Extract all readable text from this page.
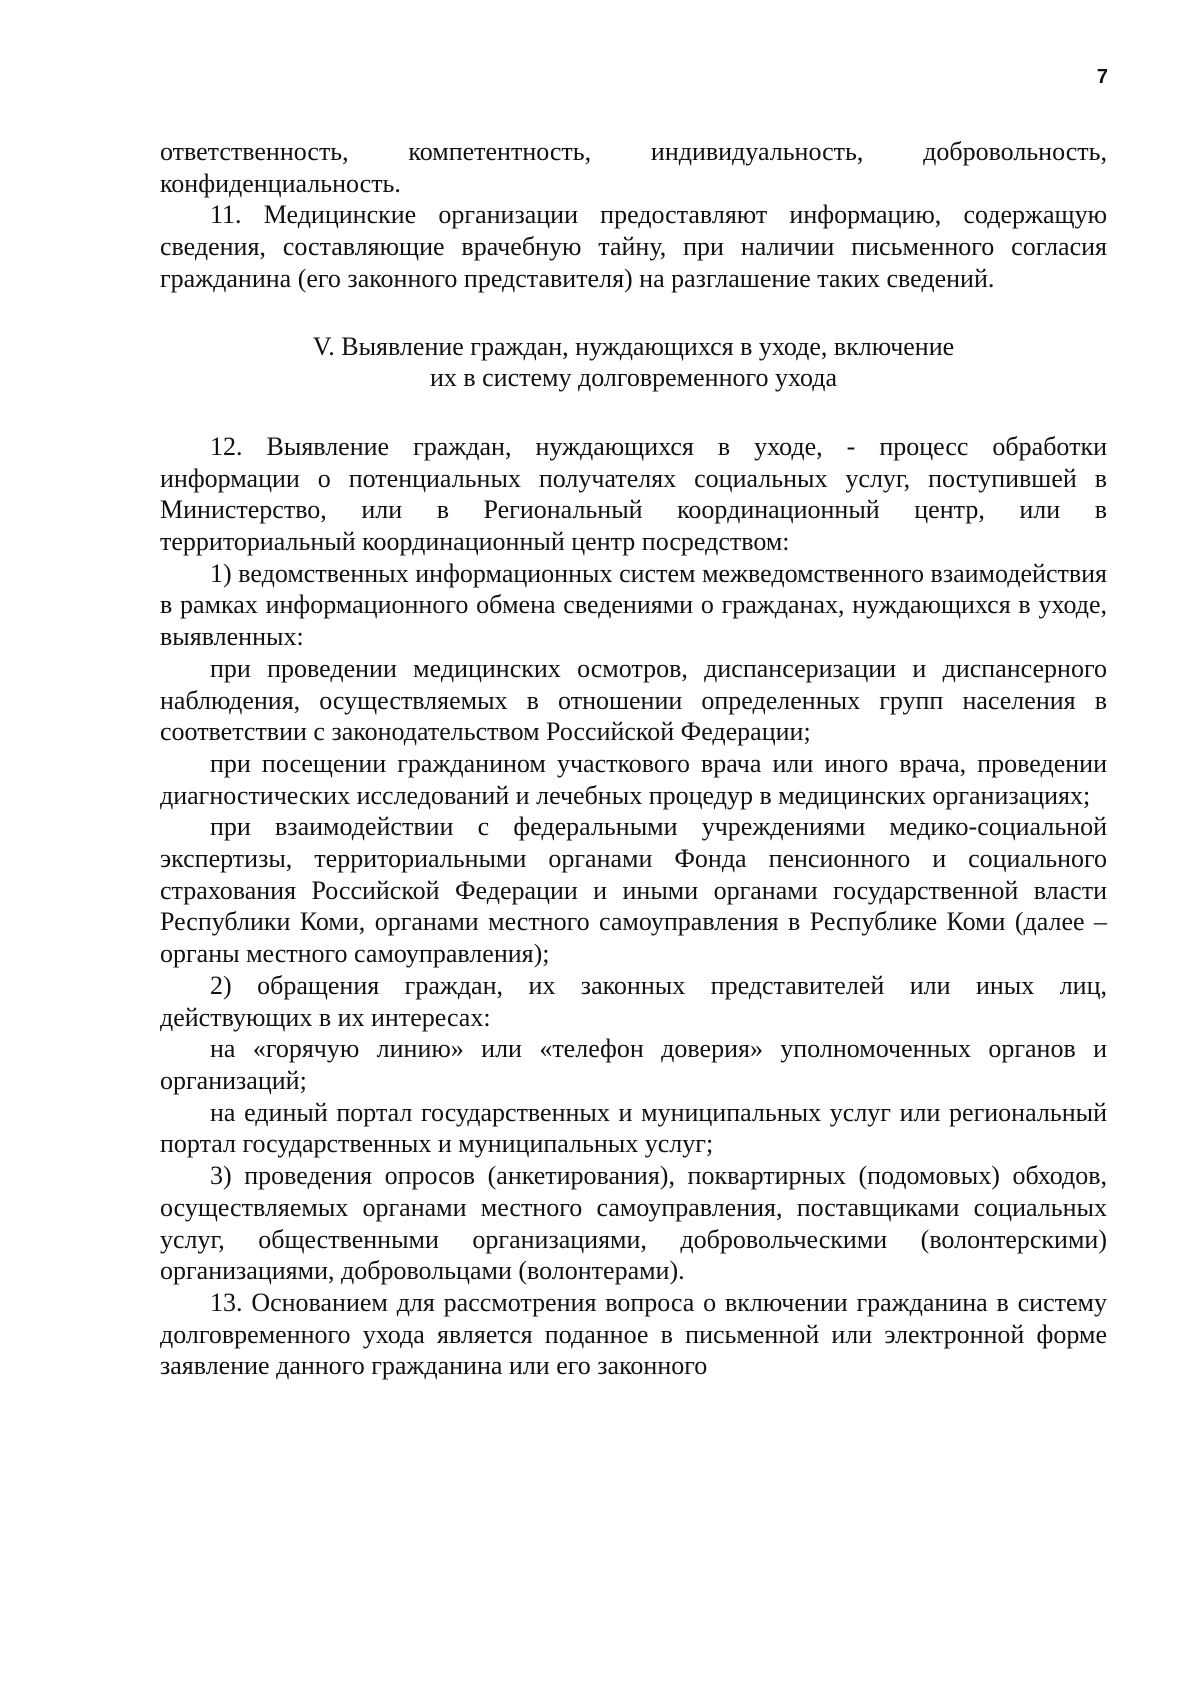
7

ответственность, компетентность, индивидуальность, добровольность, конфиденциальность.

11. Медицинские организации предоставляют информацию, содержащую сведения, составляющие врачебную тайну, при наличии письменного согласия гражданина (его законного представителя) на разглашение таких сведений.

V. Выявление граждан, нуждающихся в уходе, включение
их в систему долговременного ухода

12. Выявление граждан, нуждающихся в уходе, - процесс обработки информации о потенциальных получателях социальных услуг, поступившей в Министерство, или в Региональный координационный центр, или в территориальный координационный центр посредством:

1) ведомственных информационных систем межведомственного взаимодействия в рамках информационного обмена сведениями о гражданах, нуждающихся в уходе, выявленных:

при проведении медицинских осмотров, диспансеризации и диспансерного наблюдения, осуществляемых в отношении определенных групп населения в соответствии с законодательством Российской Федерации;

при посещении гражданином участкового врача или иного врача, проведении диагностических исследований и лечебных процедур в медицинских организациях;

при взаимодействии с федеральными учреждениями медико-социальной экспертизы, территориальными органами Фонда пенсионного и социального страхования Российской Федерации и иными органами государственной власти Республики Коми, органами местного самоуправления в Республике Коми (далее – органы местного самоуправления);

2) обращения граждан, их законных представителей или иных лиц, действующих в их интересах:

на «горячую линию» или «телефон доверия» уполномоченных органов и организаций;

на единый портал государственных и муниципальных услуг или региональный портал государственных и муниципальных услуг;

3) проведения опросов (анкетирования), поквартирных (подомовых) обходов, осуществляемых органами местного самоуправления, поставщиками социальных услуг, общественными организациями, добровольческими (волонтерскими) организациями, добровольцами (волонтерами).

13. Основанием для рассмотрения вопроса о включении гражданина в систему долговременного ухода является поданное в письменной или электронной форме заявление данного гражданина или его законного
